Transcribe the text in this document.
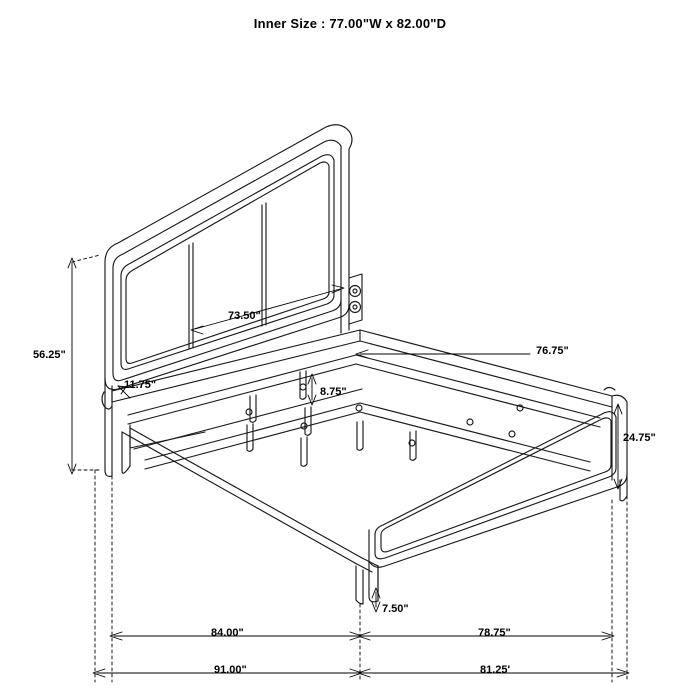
Inner Size : 77.00"W x 82.00"D
73.50"
56.25"
11.75"
8.75"
76.75"
24.75"
7.50"
84.00"	78.75"
91.00"	81.25'
